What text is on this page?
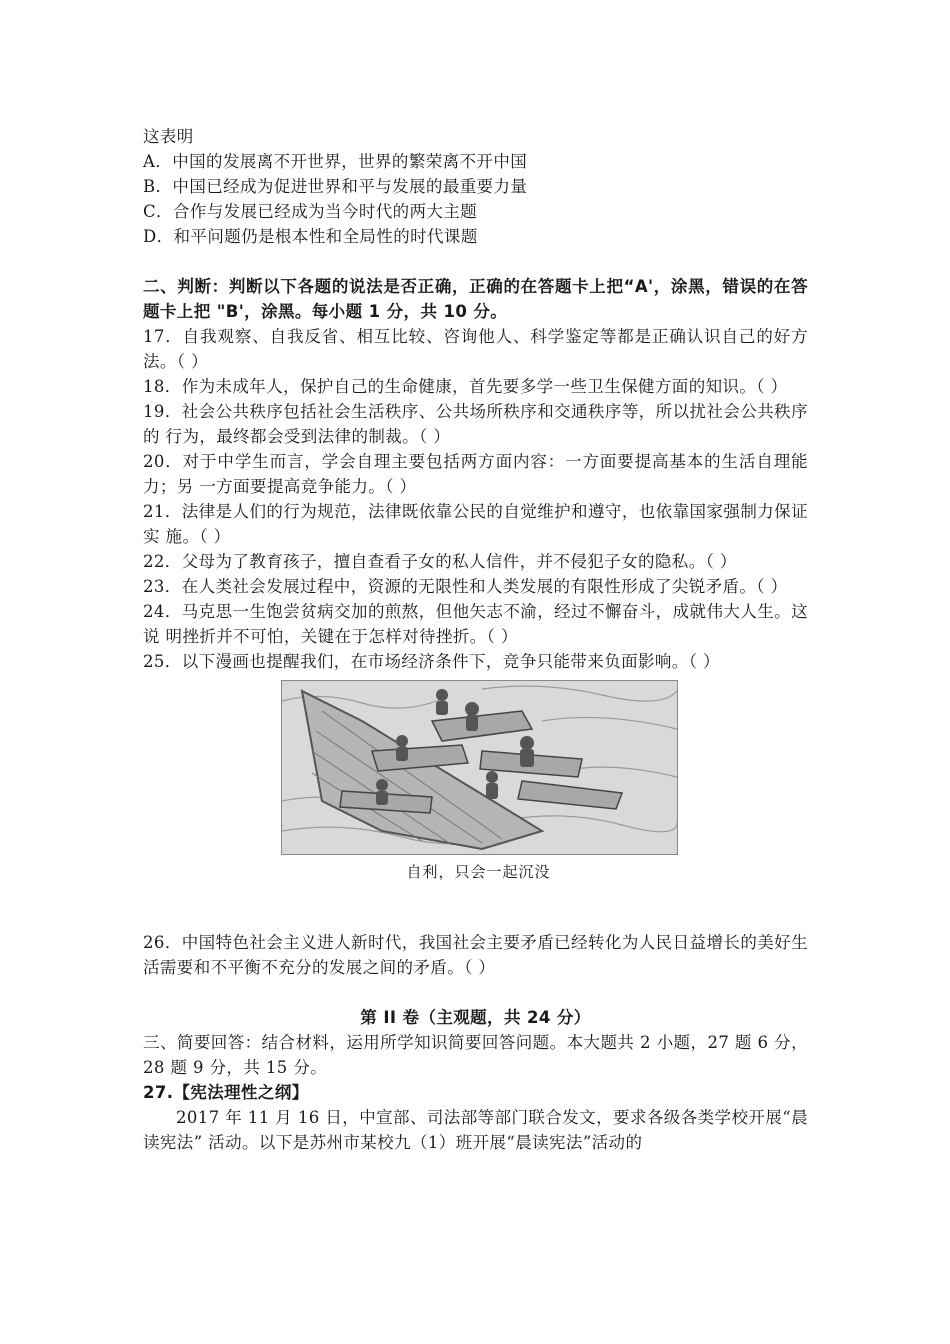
这表明
A．中国的发展离不开世界，世界的繁荣离不开中国
B．中国已经成为促进世界和平与发展的最重要力量
C．合作与发展已经成为当今时代的两大主题
D．和平问题仍是根本性和全局性的时代课题
二、判断：判断以下各题的说法是否正确，正确的在答题卡上把“A'，涂黑，错误的在答题卡上把 "B'，涂黑。每小题 1 分，共 10 分。
17．自我观察、自我反省、相互比较、咨询他人、科学鉴定等都是正确认识自己的好方法。（ ）
18．作为未成年人，保护自己的生命健康，首先要多学一些卫生保健方面的知识。（ ）
19．社会公共秩序包括社会生活秩序、公共场所秩序和交通秩序等，所以扰社会公共秩序的 行为，最终都会受到法律的制裁。（ ）
20．对于中学生而言，学会自理主要包括两方面内容：一方面要提高基本的生活自理能力；另 一方面要提高竞争能力。（ ）
21．法律是人们的行为规范，法律既依靠公民的自觉维护和遵守，也依靠国家强制力保证实 施。（ ）
22．父母为了教育孩子，擅自查看子女的私人信件，并不侵犯子女的隐私。（ ）
23．在人类社会发展过程中，资源的无限性和人类发展的有限性形成了尖锐矛盾。（ ）
24．马克思一生饱尝贫病交加的煎熬，但他矢志不渝，经过不懈奋斗，成就伟大人生。这说 明挫折并不可怕，关键在于怎样对待挫折。（ ）
25．以下漫画也提醒我们，在市场经济条件下，竞争只能带来负面影响。（ ）
自利，只会一起沉没
26．中国特色社会主义进人新时代，我国社会主要矛盾已经转化为人民日益增长的美好生活需要和不平衡不充分的发展之间的矛盾。（ ）
第 II 卷（主观题，共 24 分）
三、简要回答：结合材料，运用所学知识简要回答问题。本大题共 2 小题，27 题 6 分，28 题 9 分，共 15 分。
27.【宪法理性之纲】
2017 年 11 月 16 日，中宣部、司法部等部门联合发文，要求各级各类学校开展“晨读宪法” 活动。以下是苏州市某校九（1）班开展“晨读宪法”活动的
